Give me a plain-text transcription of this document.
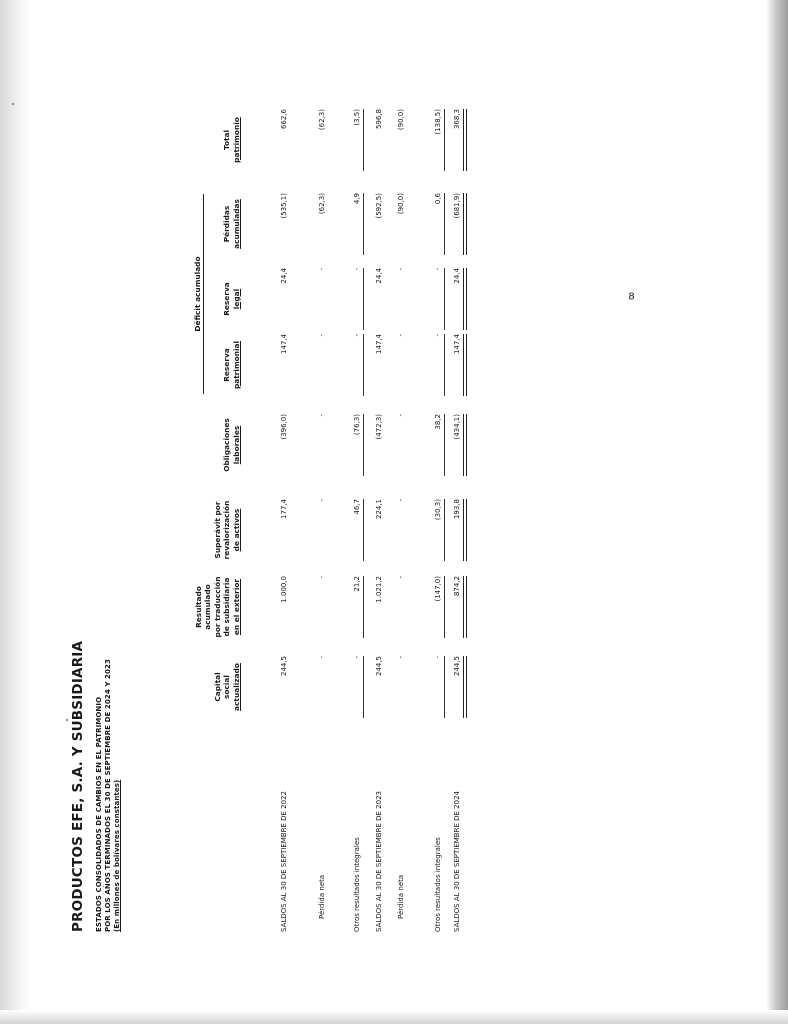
PRODUCTOS EFE, S.A. Y SUBSIDIARIA ESTADOS CONSOLIDADOS DE CAMBIOS EN EL PATRIMONIO POR LOS AÑOS TERMINADOS EL 30 DE SEPTIEMBRE DE 2024 Y 2023 (En millones de bolívares constantes)
Capital social actualizado
Resultado acumulado por traducción de subsidiaria en el exterior
Superávit por revalorización de activos
Obligaciones laborales
Reserva patrimonial
Reserva legal
Pérdidas acumuladas
Total patrimonio
Déficit acumulado
SALDOS AL 30 DE SEPTIEMBRE DE 2022
244,5
1.000,0
177,4
(396,0)
147,4
24,4
(535,1)
662,6
Pérdida neta
-
-
-
-
-
-
(62,3)
(62,3)
Otros resultados integrales
-
21,2
46,7
(76,3)
-
-
4,9
(3,5)
SALDOS AL 30 DE SEPTIEMBRE DE 2023
244,5
1.021,2
224,1
(472,3)
147,4
24,4
(592,5)
596,8
Pérdida neta
-
-
-
-
-
-
(90,0)
(90,0)
Otros resultados integrales
-
(147,0)
(30,3)
38,2
-
-
0,6
(138,5)
SALDOS AL 30 DE SEPTIEMBRE DE 2024
244,5
874,2
193,8
(434,1)
147,4
24,4
(681,9)
368,3
8
